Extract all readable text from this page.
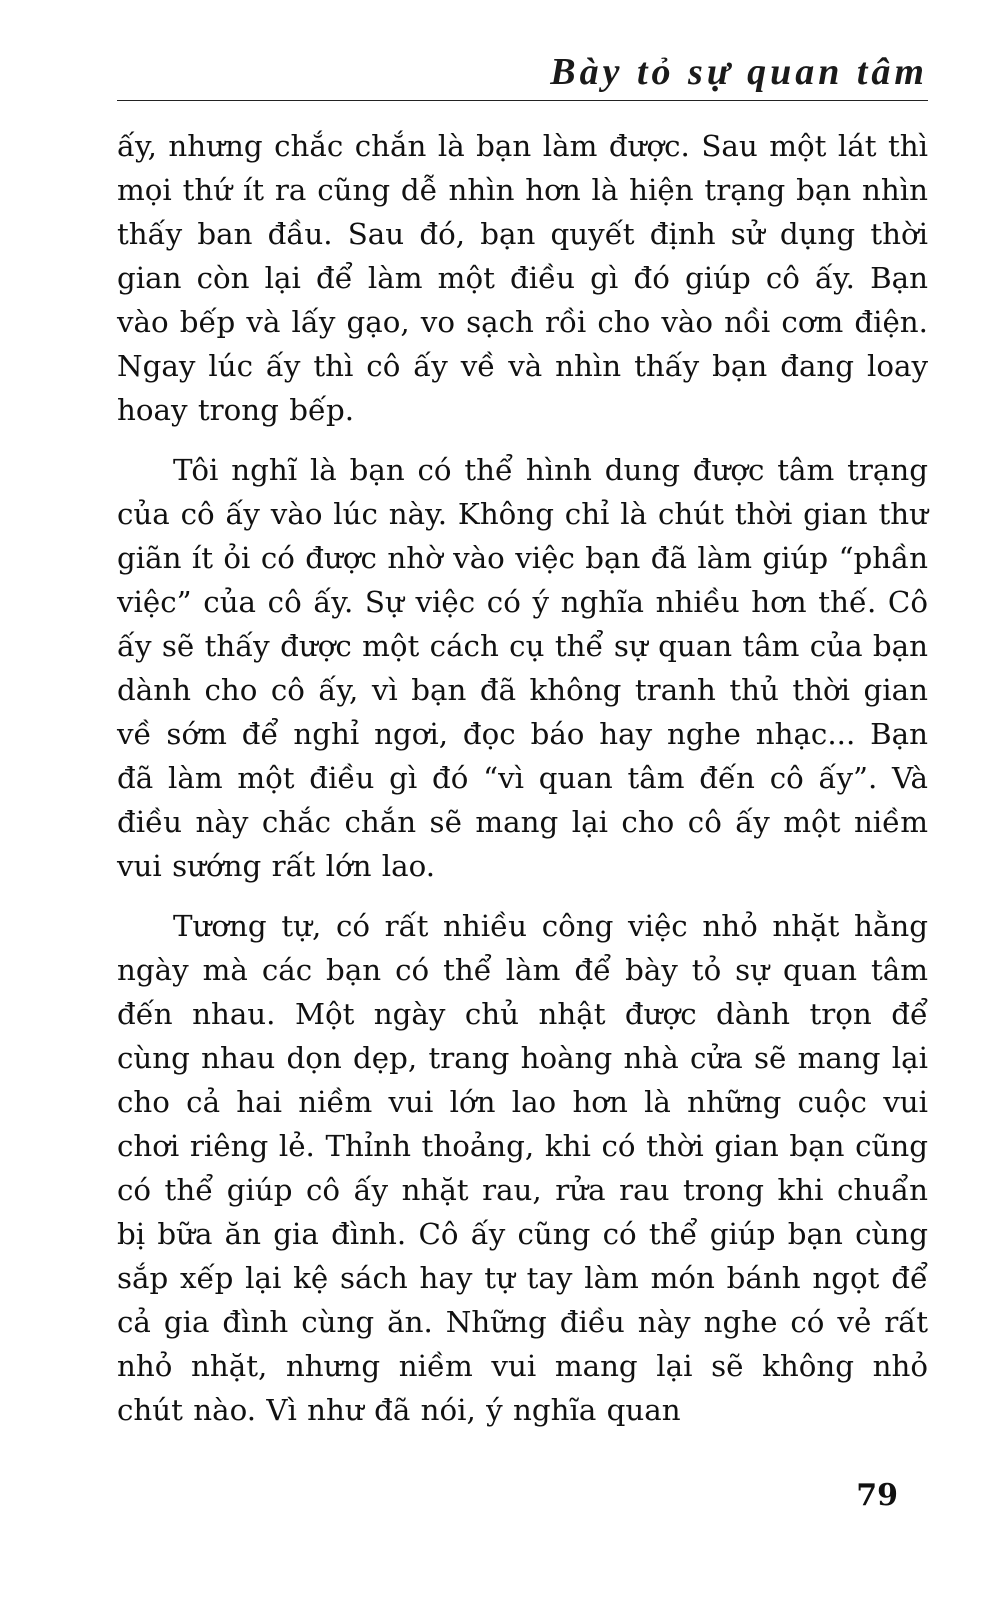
Bày tỏ sự quan tâm

ấy, nhưng chắc chắn là bạn làm được. Sau một lát thì mọi thứ ít ra cũng dễ nhìn hơn là hiện trạng bạn nhìn thấy ban đầu. Sau đó, bạn quyết định sử dụng thời gian còn lại để làm một điều gì đó giúp cô ấy. Bạn vào bếp và lấy gạo, vo sạch rồi cho vào nồi cơm điện. Ngay lúc ấy thì cô ấy về và nhìn thấy bạn đang loay hoay trong bếp.

Tôi nghĩ là bạn có thể hình dung được tâm trạng của cô ấy vào lúc này. Không chỉ là chút thời gian thư giãn ít ỏi có được nhờ vào việc bạn đã làm giúp “phần việc” của cô ấy. Sự việc có ý nghĩa nhiều hơn thế. Cô ấy sẽ thấy được một cách cụ thể sự quan tâm của bạn dành cho cô ấy, vì bạn đã không tranh thủ thời gian về sớm để nghỉ ngơi, đọc báo hay nghe nhạc... Bạn đã làm một điều gì đó “vì quan tâm đến cô ấy”. Và điều này chắc chắn sẽ mang lại cho cô ấy một niềm vui sướng rất lớn lao.

Tương tự, có rất nhiều công việc nhỏ nhặt hằng ngày mà các bạn có thể làm để bày tỏ sự quan tâm đến nhau. Một ngày chủ nhật được dành trọn để cùng nhau dọn dẹp, trang hoàng nhà cửa sẽ mang lại cho cả hai niềm vui lớn lao hơn là những cuộc vui chơi riêng lẻ. Thỉnh thoảng, khi có thời gian bạn cũng có thể giúp cô ấy nhặt rau, rửa rau trong khi chuẩn bị bữa ăn gia đình. Cô ấy cũng có thể giúp bạn cùng sắp xếp lại kệ sách hay tự tay làm món bánh ngọt để cả gia đình cùng ăn. Những điều này nghe có vẻ rất nhỏ nhặt, nhưng niềm vui mang lại sẽ không nhỏ chút nào. Vì như đã nói, ý nghĩa quan

79
